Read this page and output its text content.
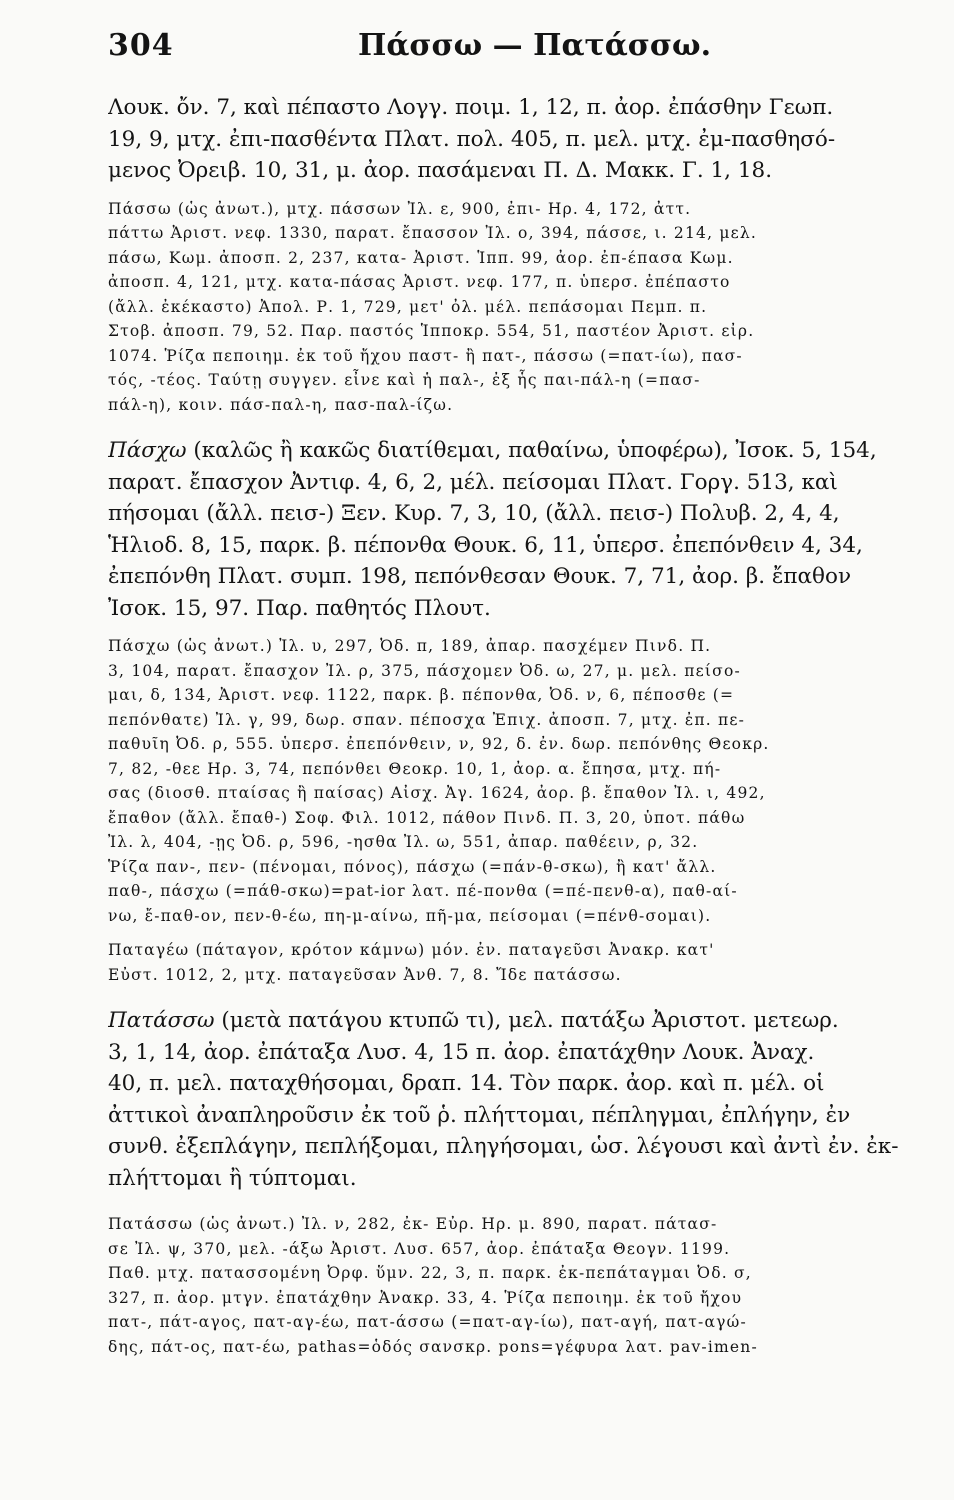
304	Πάσσω — Πατάσσω.
Λουκ. ὄν. 7, καὶ πέπαστο Λογγ. ποιμ. 1, 12, π. ἀορ. ἐπάσθην Γεωπ.
19, 9, μτχ. ἐπι-πασθέντα Πλατ. πολ. 405, π. μελ. μτχ. ἐμ-πασθησό-
μενος Ὀρειβ. 10, 31, μ. ἀορ. πασάμεναι Π. Δ. Μακκ. Γ. 1, 18.
Πάσσω (ὡς ἀνωτ.), μτχ. πάσσων Ἰλ. ε, 900, ἐπι- Ηρ. 4, 172, ἀττ.
πάττω Ἀριστ. νεφ. 1330, παρατ. ἔπασσον Ἰλ. ο, 394, πάσσε, ι. 214, μελ.
πάσω, Κωμ. ἀποσπ. 2, 237, κατα- Ἀριστ. Ἱππ. 99, ἀορ. ἐπ-έπασα Κωμ.
ἀποσπ. 4, 121, μτχ. κατα-πάσας Ἀριστ. νεφ. 177, π. ὑπερσ. ἐπέπαστο
(ἄλλ. ἐκέκαστο) Ἀπολ. Ρ. 1, 729, μετ' ὀλ. μέλ. πεπάσομαι Πεμπ. π.
Στοβ. ἀποσπ. 79, 52. Παρ. παστός Ἱπποκρ. 554, 51, παστέον Ἀριστ. εἰρ.
1074. Ῥίζα πεποιημ. ἐκ τοῦ ἤχου παστ- ἢ πατ-, πάσσω (=πατ-ίω), πασ-
τός, -τέος. Ταύτῃ συγγεν. εἶνε καὶ ἡ παλ-, ἐξ ἧς παι-πάλ-η (=πασ-
πάλ-η), κοιν. πάσ-παλ-η, πασ-παλ-ίζω.
Πάσχω (καλῶς ἢ κακῶς διατίθεμαι, παθαίνω, ὑποφέρω), Ἰσοκ. 5, 154,
παρατ. ἔπασχον Ἀντιφ. 4, 6, 2, μέλ. πείσομαι Πλατ. Γοργ. 513, καὶ
πήσομαι (ἄλλ. πεισ-) Ξεν. Κυρ. 7, 3, 10, (ἄλλ. πεισ-) Πολυβ. 2, 4, 4,
Ἡλιοδ. 8, 15, παρκ. β. πέπονθα Θουκ. 6, 11, ὑπερσ. ἐπεπόνθειν 4, 34,
ἐπεπόνθη Πλατ. συμπ. 198, πεπόνθεσαν Θουκ. 7, 71, ἀορ. β. ἔπαθον
Ἰσοκ. 15, 97. Παρ. παθητός Πλουτ.
Πάσχω (ὡς ἀνωτ.) Ἰλ. υ, 297, Ὀδ. π, 189, ἀπαρ. πασχέμεν Πινδ. Π.
3, 104, παρατ. ἔπασχον Ἰλ. ρ, 375, πάσχομεν Ὀδ. ω, 27, μ. μελ. πείσο-
μαι, δ, 134, Ἀριστ. νεφ. 1122, παρκ. β. πέπονθα, Ὀδ. ν, 6, πέποσθε (=
πεπόνθατε) Ἰλ. γ, 99, δωρ. σπαν. πέποσχα Ἐπιχ. ἀποσπ. 7, μτχ. ἐπ. πε-
παθυῖη Ὀδ. ρ, 555. ὑπερσ. ἐπεπόνθειν, ν, 92, δ. ἐν. δωρ. πεπόνθης Θεοκρ.
7, 82, -θεε Ηρ. 3, 74, πεπόνθει Θεοκρ. 10, 1, ἀορ. α. ἔπησα, μτχ. πή-
σας (διοσθ. πταίσας ἢ παίσας) Αἰσχ. Ἀγ. 1624, ἀορ. β. ἔπαθον Ἰλ. ι, 492,
ἔπαθον (ἄλλ. ἔπαθ-) Σοφ. Φιλ. 1012, πάθον Πινδ. Π. 3, 20, ὑποτ. πάθω
Ἰλ. λ, 404, -ῃς Ὀδ. ρ, 596, -ησθα Ἰλ. ω, 551, ἀπαρ. παθέειν, ρ, 32.
Ῥίζα παν-, πεν- (πένομαι, πόνος), πάσχω (=πάν-θ-σκω), ἢ κατ' ἄλλ.
παθ-, πάσχω (=πάθ-σκω)=pat-ior λατ. πέ-πονθα (=πέ-πενθ-α), παθ-αί-
νω, ἔ-παθ-ον, πεν-θ-έω, πη-μ-αίνω, πῆ-μα, πείσομαι (=πένθ-σομαι).
Παταγέω (πάταγον, κρότον κάμνω) μόν. ἐν. παταγεῦσι Ἀνακρ. κατ'
Εὐστ. 1012, 2, μτχ. παταγεῦσαν Ἀνθ. 7, 8. Ἴδε πατάσσω.
Πατάσσω (μετὰ πατάγου κτυπῶ τι), μελ. πατάξω Ἀριστοτ. μετεωρ.
3, 1, 14, ἀορ. ἐπάταξα Λυσ. 4, 15 π. ἀορ. ἐπατάχθην Λουκ. Ἀναχ.
40, π. μελ. παταχθήσομαι, δραπ. 14. Τὸν παρκ. ἀορ. καὶ π. μέλ. οἱ
ἀττικοὶ ἀναπληροῦσιν ἐκ τοῦ ῥ. πλήττομαι, πέπληγμαι, ἐπλήγην, ἐν
συνθ. ἐξεπλάγην, πεπλήξομαι, πληγήσομαι, ὡσ. λέγουσι καὶ ἀντὶ ἐν. ἐκ-
πλήττομαι ἢ τύπτομαι.
Πατάσσω (ὡς ἀνωτ.) Ἰλ. ν, 282, ἐκ- Εὐρ. Ηρ. μ. 890, παρατ. πάτασ-
σε Ἰλ. ψ, 370, μελ. -άξω Ἀριστ. Λυσ. 657, ἀορ. ἐπάταξα Θεογν. 1199.
Παθ. μτχ. πατασσομένη Ὀρφ. ὕμν. 22, 3, π. παρκ. ἐκ-πεπάταγμαι Ὀδ. σ,
327, π. ἀορ. μτγν. ἐπατάχθην Ἀνακρ. 33, 4. Ῥίζα πεποιημ. ἐκ τοῦ ἤχου
πατ-, πάτ-αγος, πατ-αγ-έω, πατ-άσσω (=πατ-αγ-ίω), πατ-αγή, πατ-αγώ-
δης, πάτ-ος, πατ-έω, pathas=ὁδός σανσκρ. pons=γέφυρα λατ. pav-imen-
